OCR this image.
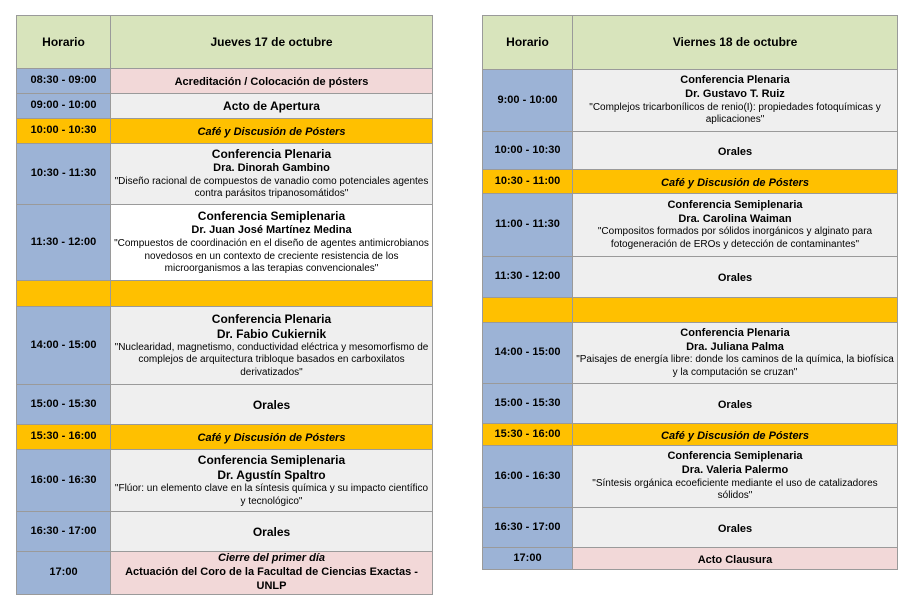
Horario	Jueves 17 de octubre
08:30 - 09:00	Acreditación / Colocación de pósters
09:00 - 10:00	Acto de Apertura
10:00 - 10:30	Café y Discusión de Pósters
10:30 - 11:30	Conferencia Plenaria
Dra. Dinorah Gambino
"Diseño racional de compuestos de vanadio como potenciales agentes contra parásitos tripanosomátidos"

11:30 - 12:00	Conferencia Semiplenaria
Dr. Juan José Martínez Medina
"Compuestos de coordinación en el diseño de agentes antimicrobianos novedosos en un contexto de creciente resistencia de los microorganismos a las terapias convencionales"

14:00 - 15:00	Conferencia Plenaria
Dr. Fabio Cukiernik
"Nuclearidad, magnetismo, conductividad eléctrica y mesomorfismo de complejos de arquitectura tribloque basados en carboxilatos derivatizados"

15:00 - 15:30	Orales
15:30 - 16:00	Café y Discusión de Pósters
16:00 - 16:30	Conferencia Semiplenaria
Dr. Agustín Spaltro
"Flúor: un elemento clave en la síntesis química y su impacto científico y tecnológico"

16:30 - 17:00	Orales
17:00	Cierre del primer día
Actuación del Coro de la Facultad de Ciencias Exactas - UNLP
Horario	Viernes 18 de octubre
9:00 - 10:00	Conferencia Plenaria
Dr. Gustavo T. Ruiz
"Complejos tricarbonílicos de renio(I): propiedades fotoquímicas y aplicaciones"

10:00 - 10:30	Orales
10:30 - 11:00	Café y Discusión de Pósters
11:00 - 11:30	Conferencia Semiplenaria
Dra. Carolina Waiman
"Compositos formados por sólidos inorgánicos y alginato para fotogeneración de EROs y detección de contaminantes"

11:30 - 12:00	Orales

14:00 - 15:00	Conferencia Plenaria
Dra. Juliana Palma
"Paisajes de energía libre: donde los caminos de la química, la biofísica y la computación se cruzan"

15:00 - 15:30	Orales
15:30 - 16:00	Café y Discusión de Pósters
16:00 - 16:30	Conferencia Semiplenaria
Dra. Valeria Palermo
"Síntesis orgánica ecoeficiente mediante el uso de catalizadores sólidos"

16:30 - 17:00	Orales
17:00	Acto Clausura
